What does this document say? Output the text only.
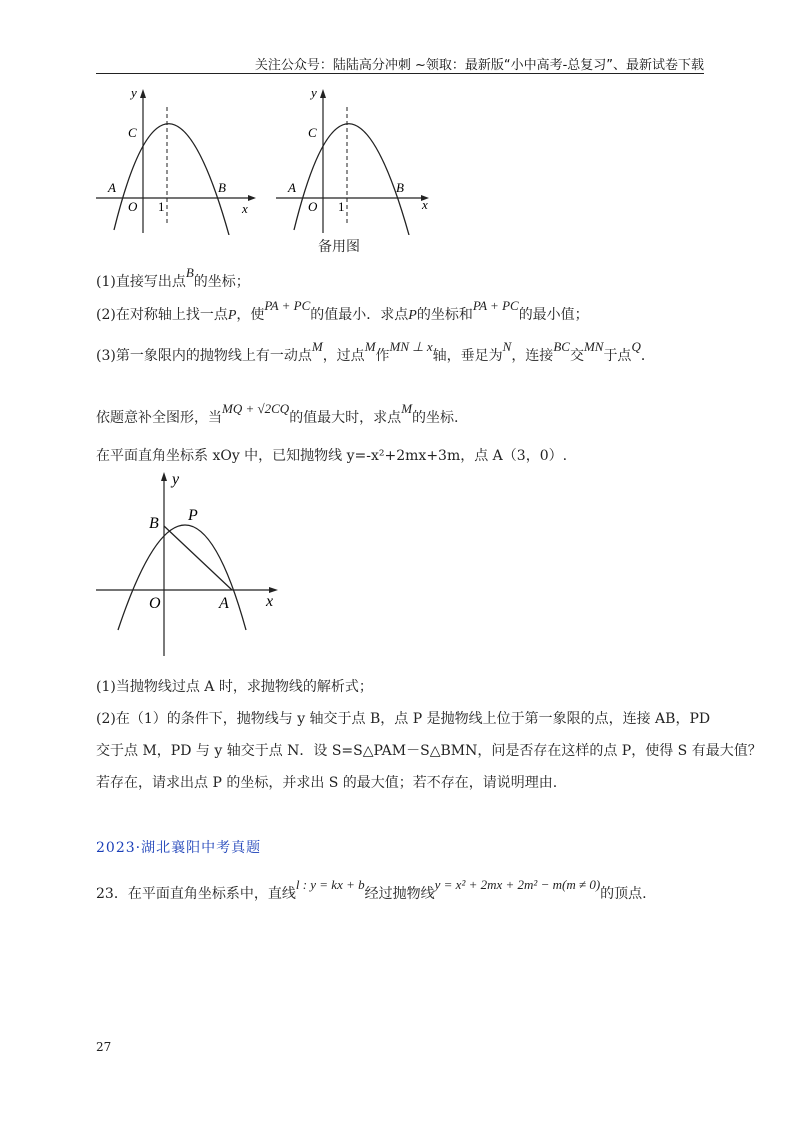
关注公众号：陆陆高分冲刺 ~领取：最新版“小中高考-总复习”、最新试卷下载
y
x
O 1
A	B
C
y
x
O 1
A	B
C
备用图
(1)直接写出点B的坐标；
(2)在对称轴上找一点P，使PA + PC的值最小．求点P的坐标和PA + PC的最小值；
(3)第一象限内的抛物线上有一动点M，过点M作MN ⊥ x轴，垂足为N，连接BC交MN于点Q．
依题意补全图形，当MQ + √2CQ的值最大时，求点M的坐标.
在平面直角坐标系 xOy 中，已知抛物线 y=-x²+2mx+3m，点 A（3，0）.
y
x
O	A
B P
(1)当抛物线过点 A 时，求抛物线的解析式；
(2)在（1）的条件下，抛物线与 y 轴交于点 B，点 P 是抛物线上位于第一象限的点，连接 AB，PD
交于点 M，PD 与 y 轴交于点 N．设 S=S△PAM－S△BMN，问是否存在这样的点 P，使得 S 有最大值？
若存在，请求出点 P 的坐标，并求出 S 的最大值；若不存在，请说明理由.
2023·湖北襄阳中考真题
23．在平面直角坐标系中，直线l : y = kx + b经过抛物线y = x² + 2mx + 2m² − m(m ≠ 0)的顶点.
27
